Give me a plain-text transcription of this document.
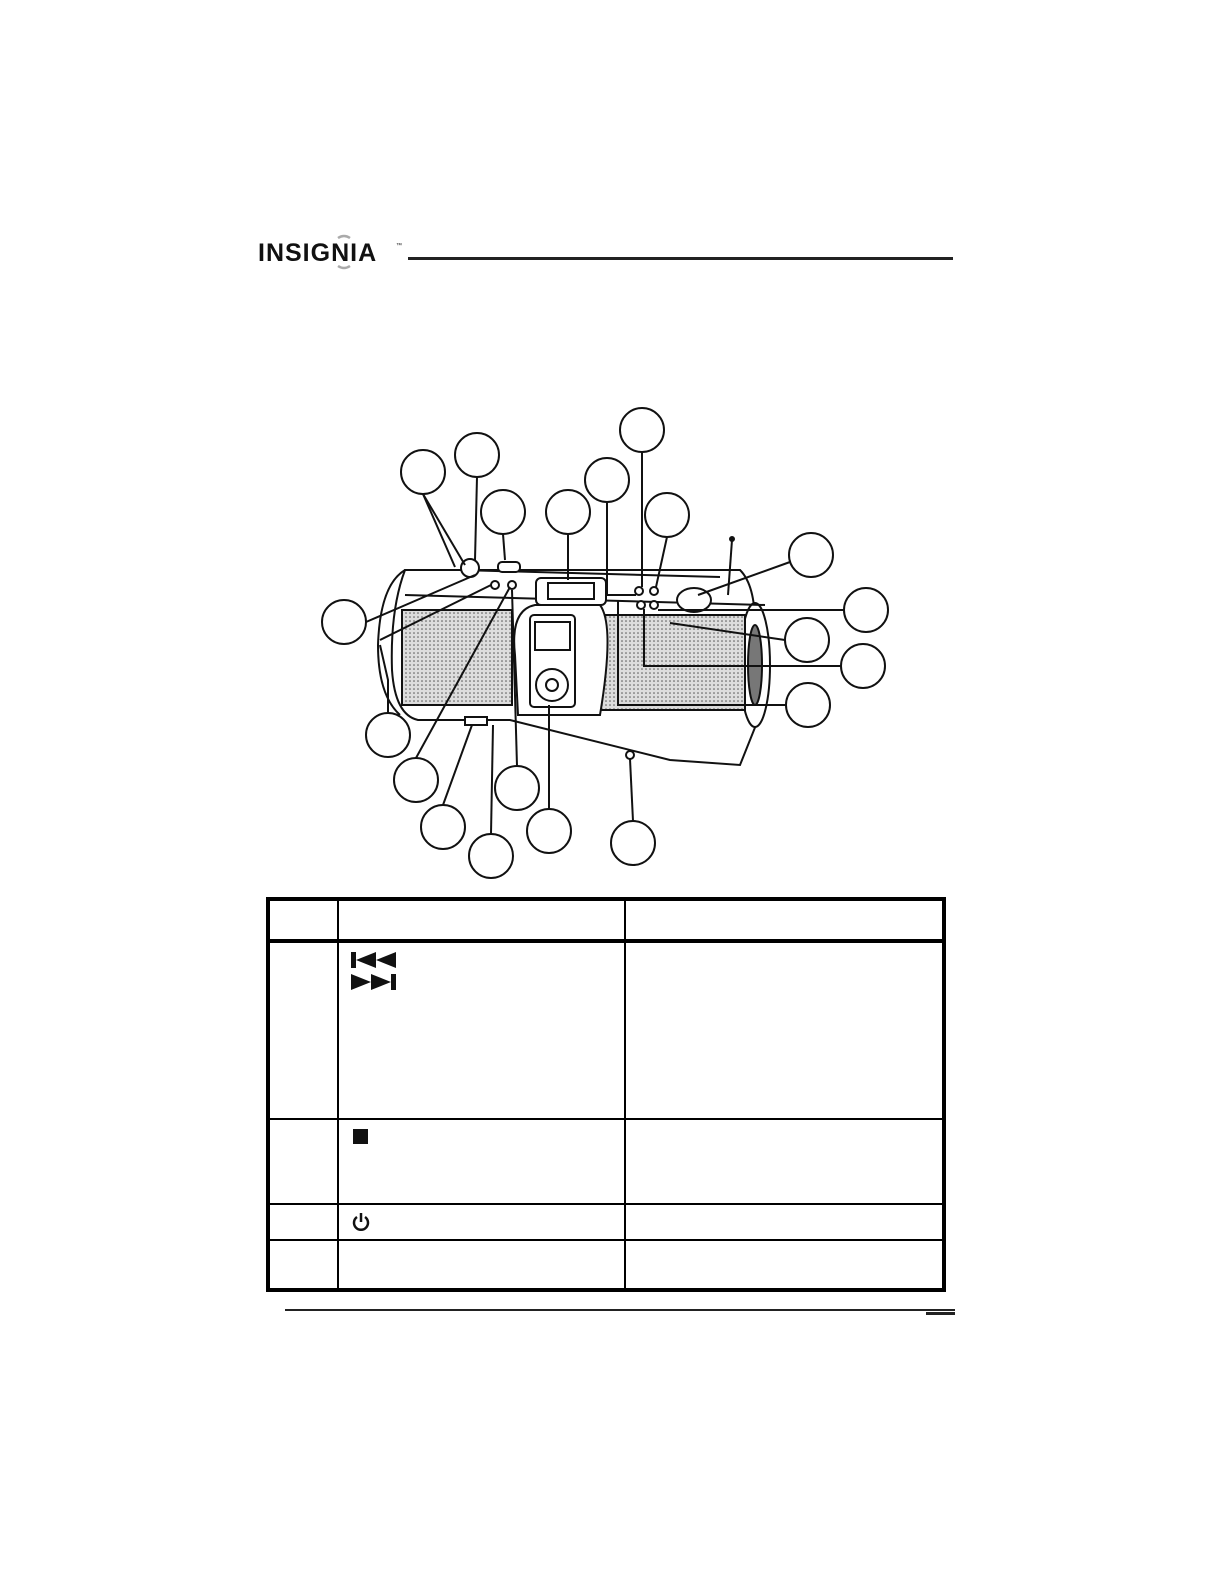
INSIGNIA	™
